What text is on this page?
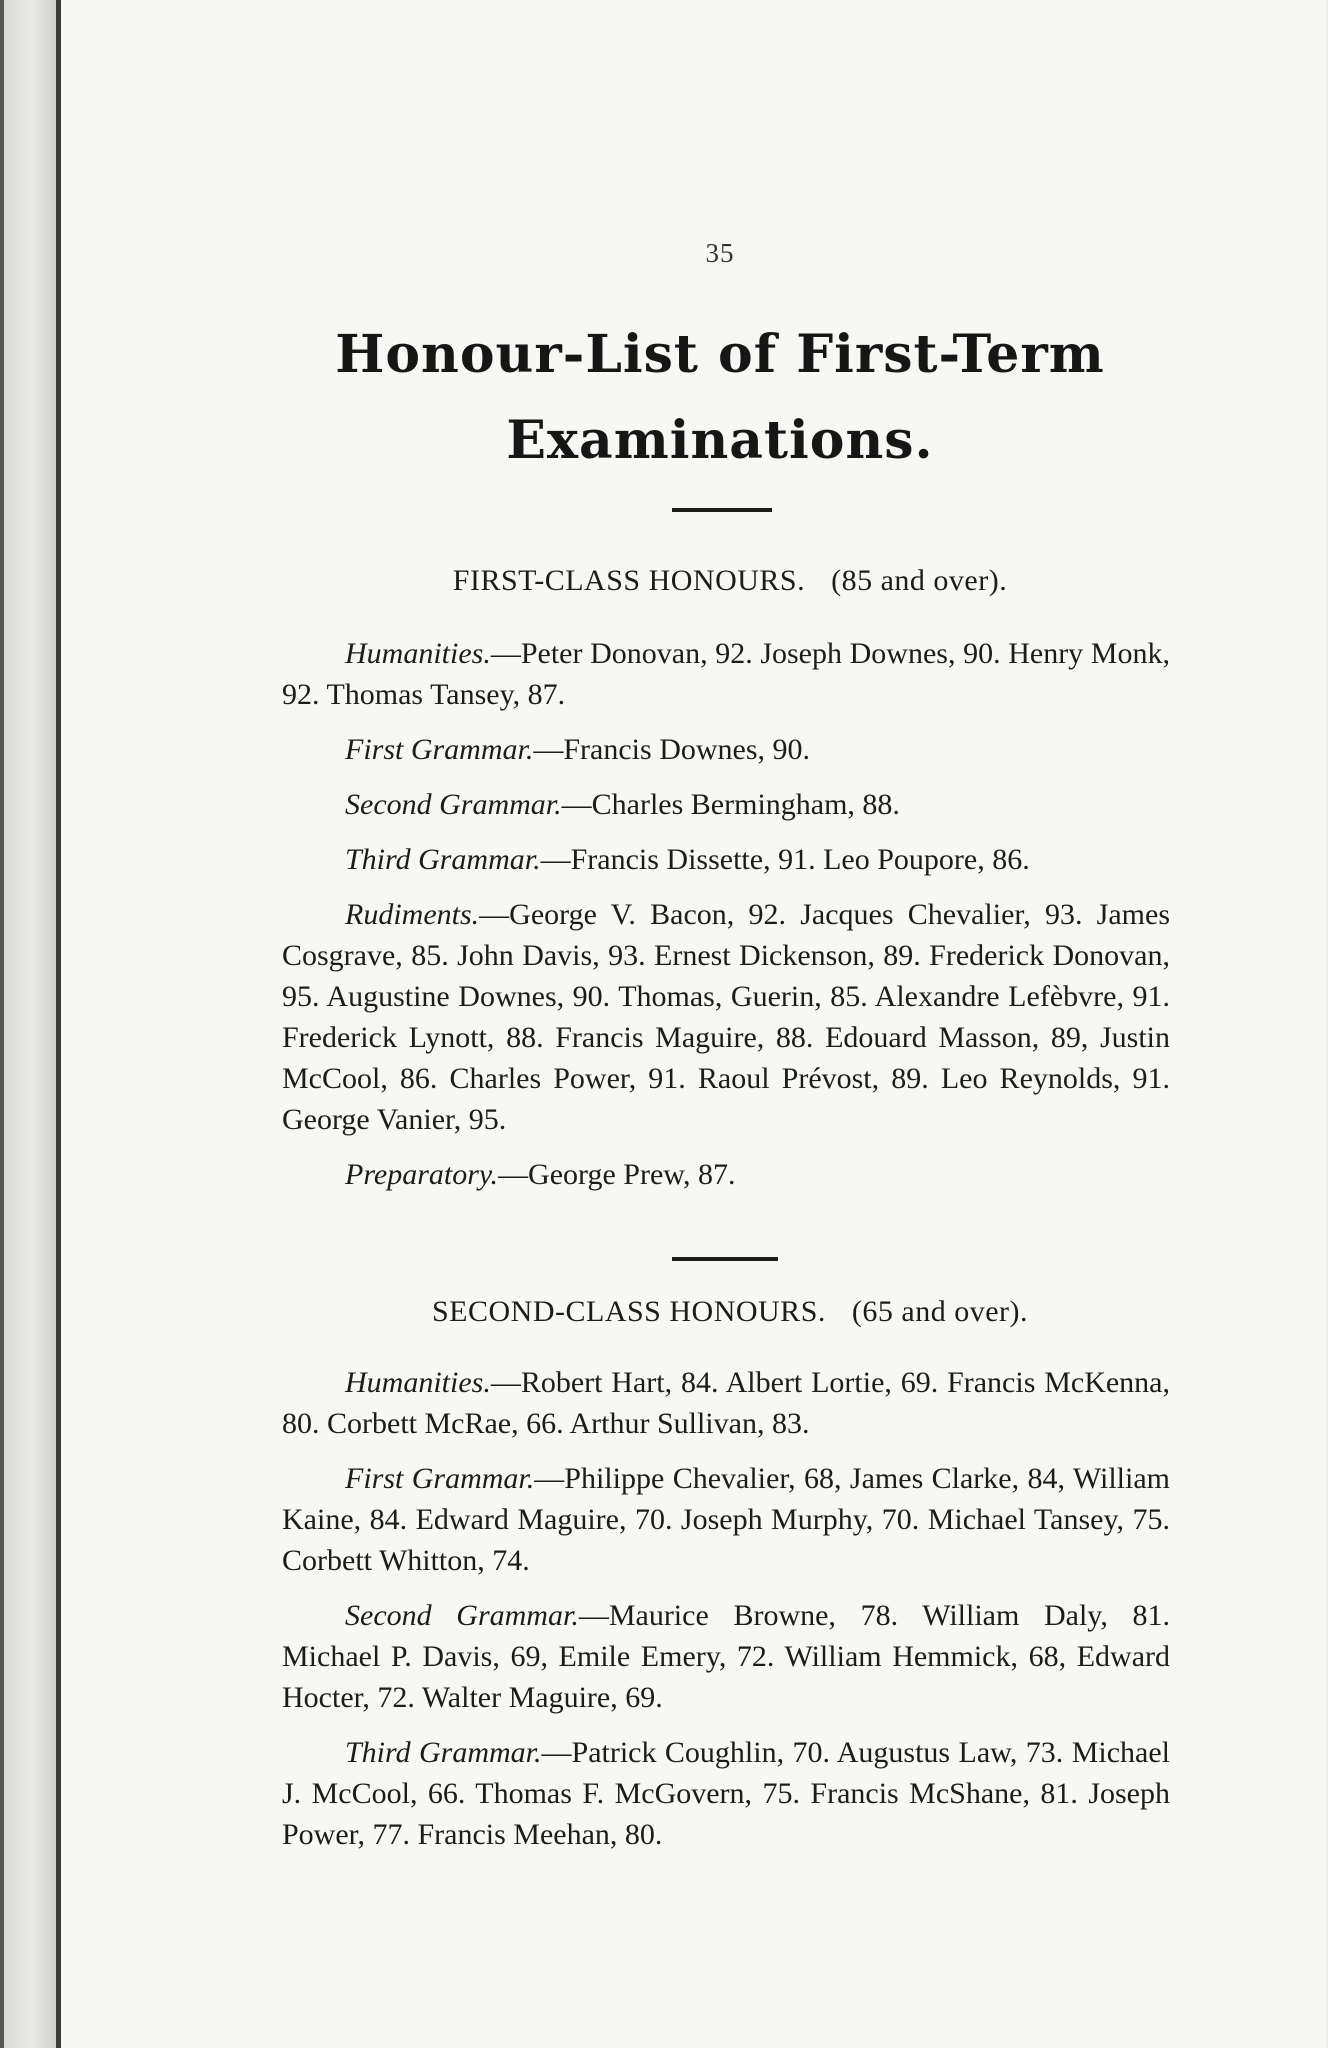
35
Honour-List of First-Term
Examinations.
FIRST-CLASS HONOURS. (85 and over).

Humanities.—Peter Donovan, 92. Joseph Downes, 90. Henry Monk, 92. Thomas Tansey, 87.

First Grammar.—Francis Downes, 90.

Second Grammar.—Charles Bermingham, 88.

Third Grammar.—Francis Dissette, 91. Leo Poupore, 86.

Rudiments.—George V. Bacon, 92. Jacques Chevalier, 93. James Cosgrave, 85. John Davis, 93. Ernest Dickenson, 89. Frederick Donovan, 95. Augustine Downes, 90. Thomas, Guerin, 85. Alexandre Lefèbvre, 91. Frederick Lynott, 88. Francis Maguire, 88. Edouard Masson, 89, Justin McCool, 86. Charles Power, 91. Raoul Prévost, 89. Leo Reynolds, 91. George Vanier, 95.

Preparatory.—George Prew, 87.

SECOND-CLASS HONOURS. (65 and over).

Humanities.—Robert Hart, 84. Albert Lortie, 69. Francis McKenna, 80. Corbett McRae, 66. Arthur Sullivan, 83.

First Grammar.—Philippe Chevalier, 68, James Clarke, 84, William Kaine, 84. Edward Maguire, 70. Joseph Murphy, 70. Michael Tansey, 75. Corbett Whitton, 74.

Second Grammar.—Maurice Browne, 78. William Daly, 81. Michael P. Davis, 69, Emile Emery, 72. William Hemmick, 68, Edward Hocter, 72. Walter Maguire, 69.

Third Grammar.—Patrick Coughlin, 70. Augustus Law, 73. Michael J. McCool, 66. Thomas F. McGovern, 75. Francis McShane, 81. Joseph Power, 77. Francis Meehan, 80.
